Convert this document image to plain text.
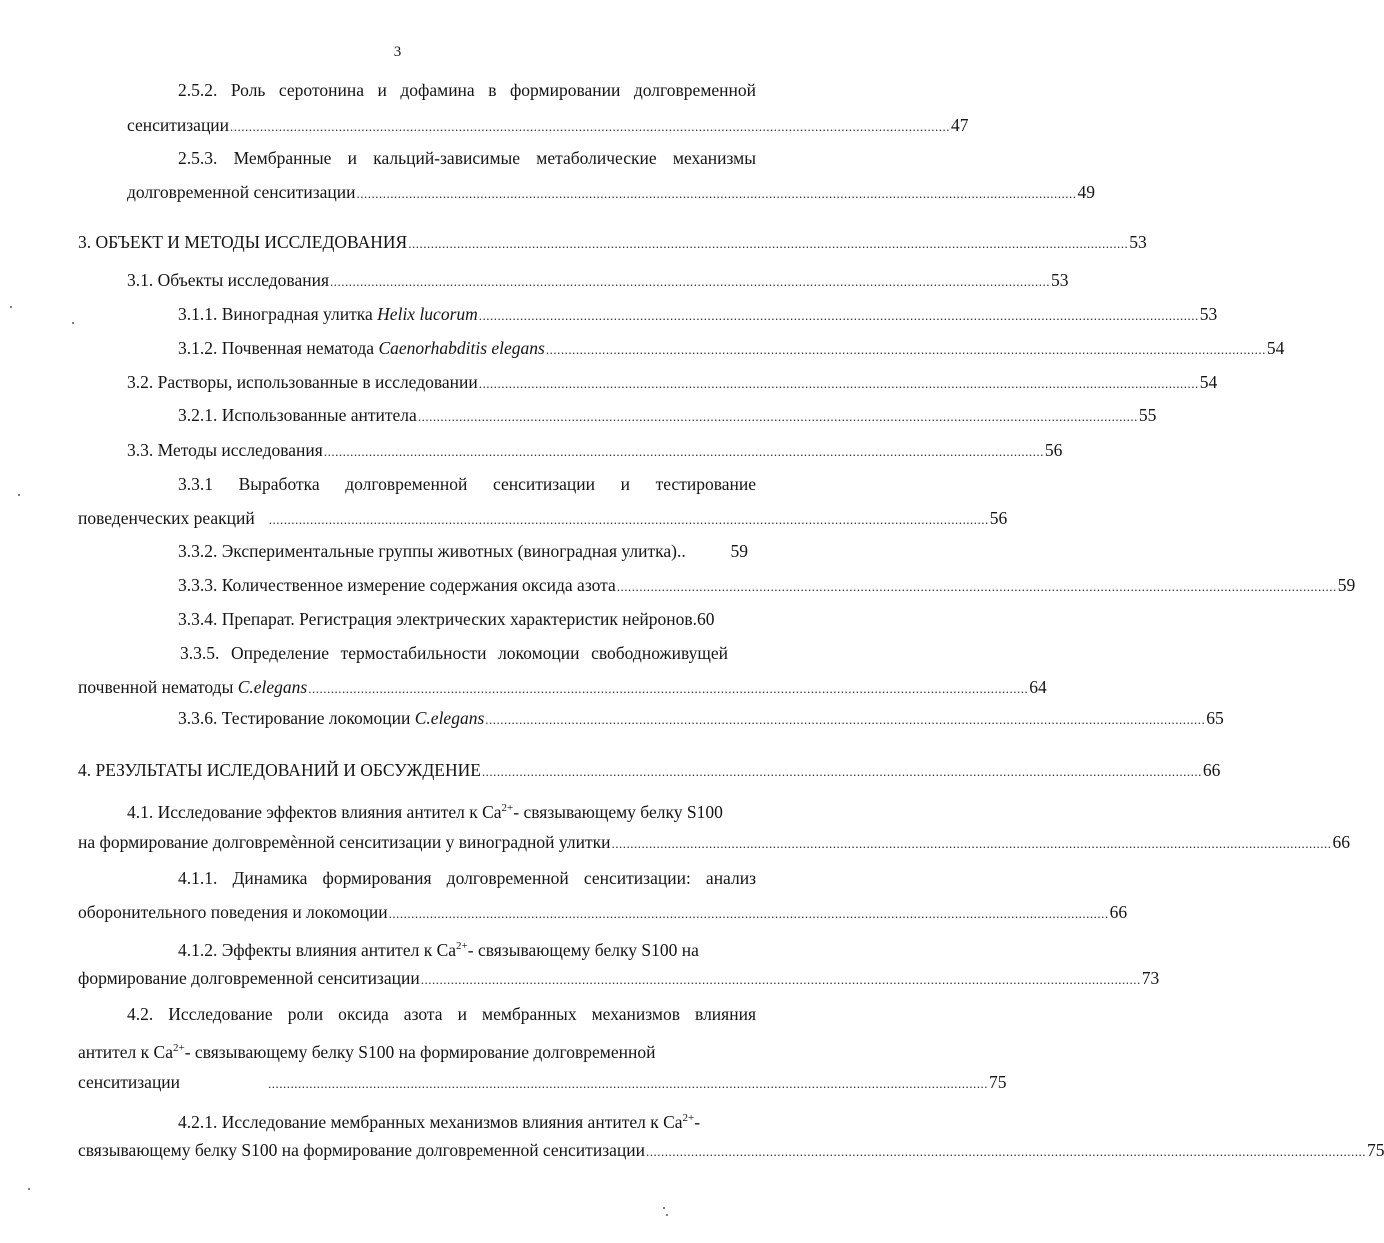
3
2.5.2. Роль серотонина и дофамина в формировании долговременной
сенситизации ................................................................................................................................................................................................ 47
2.5.3. Мембранные и кальций-зависимые метаболические механизмы
долговременной сенситизации ................................................................................................................................................................................................ 49
3. ОБЪЕКТ И МЕТОДЫ ИССЛЕДОВАНИЯ ................................................................................................................................................................................................ 53
3.1. Объекты исследования ................................................................................................................................................................................................ 53
3.1.1. Виноградная улитка Helix lucorum ................................................................................................................................................................................................ 53
3.1.2. Почвенная нематода Caenorhabditis elegans ................................................................................................................................................................................................ 54
3.2. Растворы, использованные в исследовании ................................................................................................................................................................................................ 54
3.2.1. Использованные антитела ................................................................................................................................................................................................ 55
3.3. Методы исследования ................................................................................................................................................................................................ 56
3.3.1 Выработка долговременной сенситизации и тестирование
поведенческих реакций ................................................................................................................................................................................................ 56
3.3.2. Экспериментальные группы животных (виноградная улитка)..	59
3.3.3. Количественное измерение содержания оксида азота ................................................................................................................................................................................................ 59
3.3.4. Препарат. Регистрация электрических характеристик нейронов.60
3.3.5. Определение термостабильности локомоции свободноживущей
почвенной нематоды C.elegans ................................................................................................................................................................................................ 64
3.3.6. Тестирование локомоции C.elegans ................................................................................................................................................................................................ 65
4. РЕЗУЛЬТАТЫ ИСЛЕДОВАНИЙ И ОБСУЖДЕНИЕ ................................................................................................................................................................................................ 66
4.1. Исследование эффектов влияния антител к $Ca^{2+}-$ связывающему белку S100
на формирование долговремѐнной сенситизации у виноградной улитки ................................................................................................................................................................................................ 66
4.1.1. Динамика формирования долговременной сенситизации: анализ
оборонительного поведения и локомоции ................................................................................................................................................................................................ 66
4.1.2. Эффекты влияния антител к $Ca^{2+}-$ связывающему белку S100 на
формирование долговременной сенситизации ................................................................................................................................................................................................ 73
4.2. Исследование роли оксида азота и мембранных механизмов влияния
антител к $Ca^{2+}-$ связывающему белку S100 на формирование долговременной
сенситизации	................................................................................................................................................................................................ 75
4.2.1. Исследование мембранных механизмов влияния антител к $Ca^{2+}-$
связывающему белку S100 на формирование долговременной сенситизации ................................................................................................................................................................................................ 75
